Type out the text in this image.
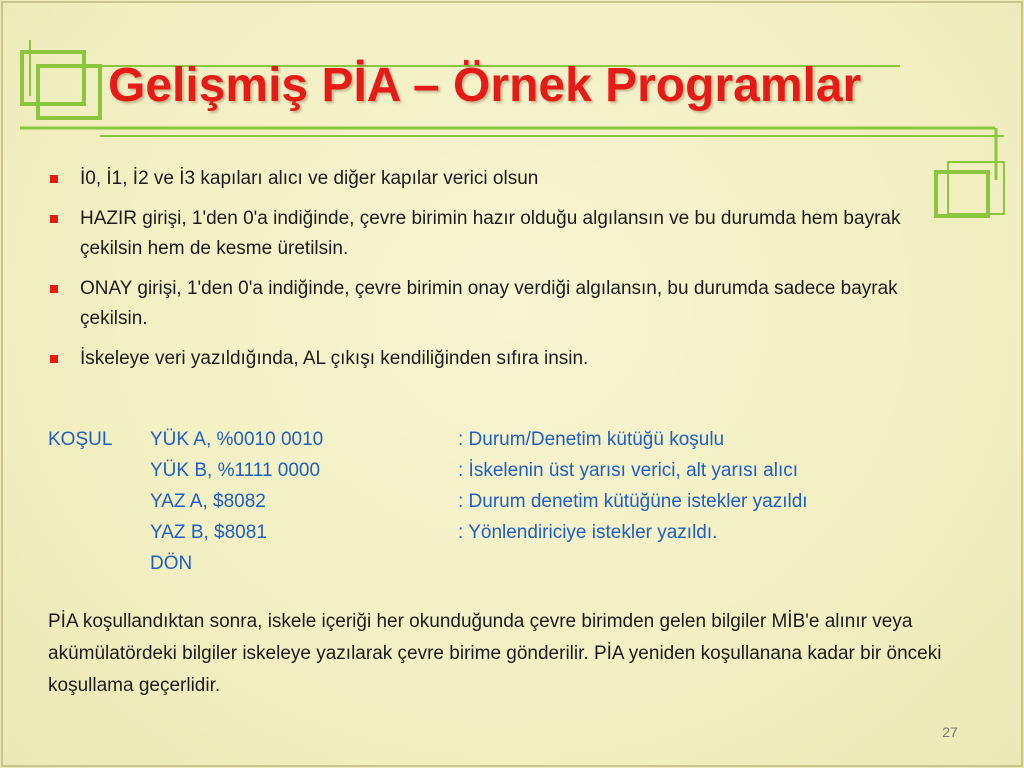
Gelişmiş PİA – Örnek Programlar
İ0, İ1, İ2 ve İ3 kapıları alıcı ve diğer kapılar verici olsun
HAZIR girişi, 1'den 0'a indiğinde, çevre birimin hazır olduğu algılansın ve bu durumda hem bayrak çekilsin hem de kesme üretilsin.
ONAY girişi, 1'den 0'a indiğinde, çevre birimin onay verdiği algılansın, bu durumda sadece bayrak çekilsin.
İskeleye veri yazıldığında, AL çıkışı kendiliğinden sıfıra insin.
KOŞUL YÜK A, %0010 0010	: Durum/Denetim kütüğü koşulu
YÜK B, %1111 0000	: İskelenin üst yarısı verici, alt yarısı alıcı
YAZ A, $8082	: Durum denetim kütüğüne istekler yazıldı
YAZ B, $8081	: Yönlendiriciye istekler yazıldı.
DÖN

PİA koşullandıktan sonra, iskele içeriği her okunduğunda çevre birimden gelen bilgiler MİB'e alınır veya akümülatördeki bilgiler iskeleye yazılarak çevre birime gönderilir. PİA yeniden koşullanana kadar bir önceki koşullama geçerlidir.

27
